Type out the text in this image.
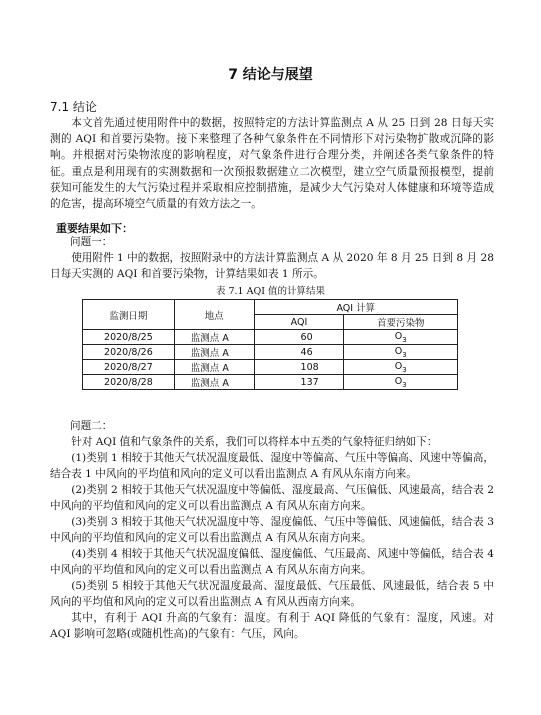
7 结论与展望
7.1 结论

本文首先通过使用附件中的数据，按照特定的方法计算监测点 A 从 25 日到 28 日每天实测的 AQI 和首要污染物。接下来整理了各种气象条件在不同情形下对污染物扩散或沉降的影响。并根据对污染物浓度的影响程度，对气象条件进行合理分类，并阐述各类气象条件的特征。重点是利用现有的实测数据和一次预报数据建立二次模型，建立空气质量预报模型，提前获知可能发生的大气污染过程并采取相应控制措施，是减少大气污染对人体健康和环境等造成的危害，提高环境空气质量的有效方法之一。

重要结果如下：
问题一：

使用附件 1 中的数据，按照附录中的方法计算监测点 A 从 2020 年 8 月 25 日到 8 月 28 日每天实测的 AQI 和首要污染物，计算结果如表 1 所示。

表 7.1 AQI 值的计算结果
监测日期	地点	AQI 计算	
		AQI	首要污染物
2020/8/25	监测点 A	60	$O_3$
2020/8/26	监测点 A	46	$O_3$
2020/8/27	监测点 A	108	$O_3$
2020/8/28	监测点 A	137	$O_3$
问题二：

针对 AQI 值和气象条件的关系，我们可以将样本中五类的气象特征归纳如下：

(1)类别 1 相较于其他天气状况温度最低、湿度中等偏高、气压中等偏高、风速中等偏高，结合表 1 中风向的平均值和风向的定义可以看出监测点 A 有风从东南方向来。

(2)类别 2 相较于其他天气状况温度中等偏低、湿度最高、气压偏低、风速最高，结合表 2 中风向的平均值和风向的定义可以看出监测点 A 有风从东南方向来。

(3)类别 3 相较于其他天气状况温度中等、湿度偏低、气压中等偏低、风速偏低，结合表 3 中风向的平均值和风向的定义可以看出监测点 A 有风从东南方向来。

(4)类别 4 相较于其他天气状况温度偏低、湿度偏低、气压最高、风速中等偏低，结合表 4 中风向的平均值和风向的定义可以看出监测点 A 有风从东南方向来。

(5)类别 5 相较于其他天气状况温度最高、湿度最低、气压最低、风速最低，结合表 5 中风向的平均值和风向的定义可以看出监测点 A 有风从西南方向来。

其中，有利于 AQI 升高的气象有：温度。有利于 AQI 降低的气象有：湿度，风速。对 AQI 影响可忽略(或随机性高)的气象有：气压，风向。
